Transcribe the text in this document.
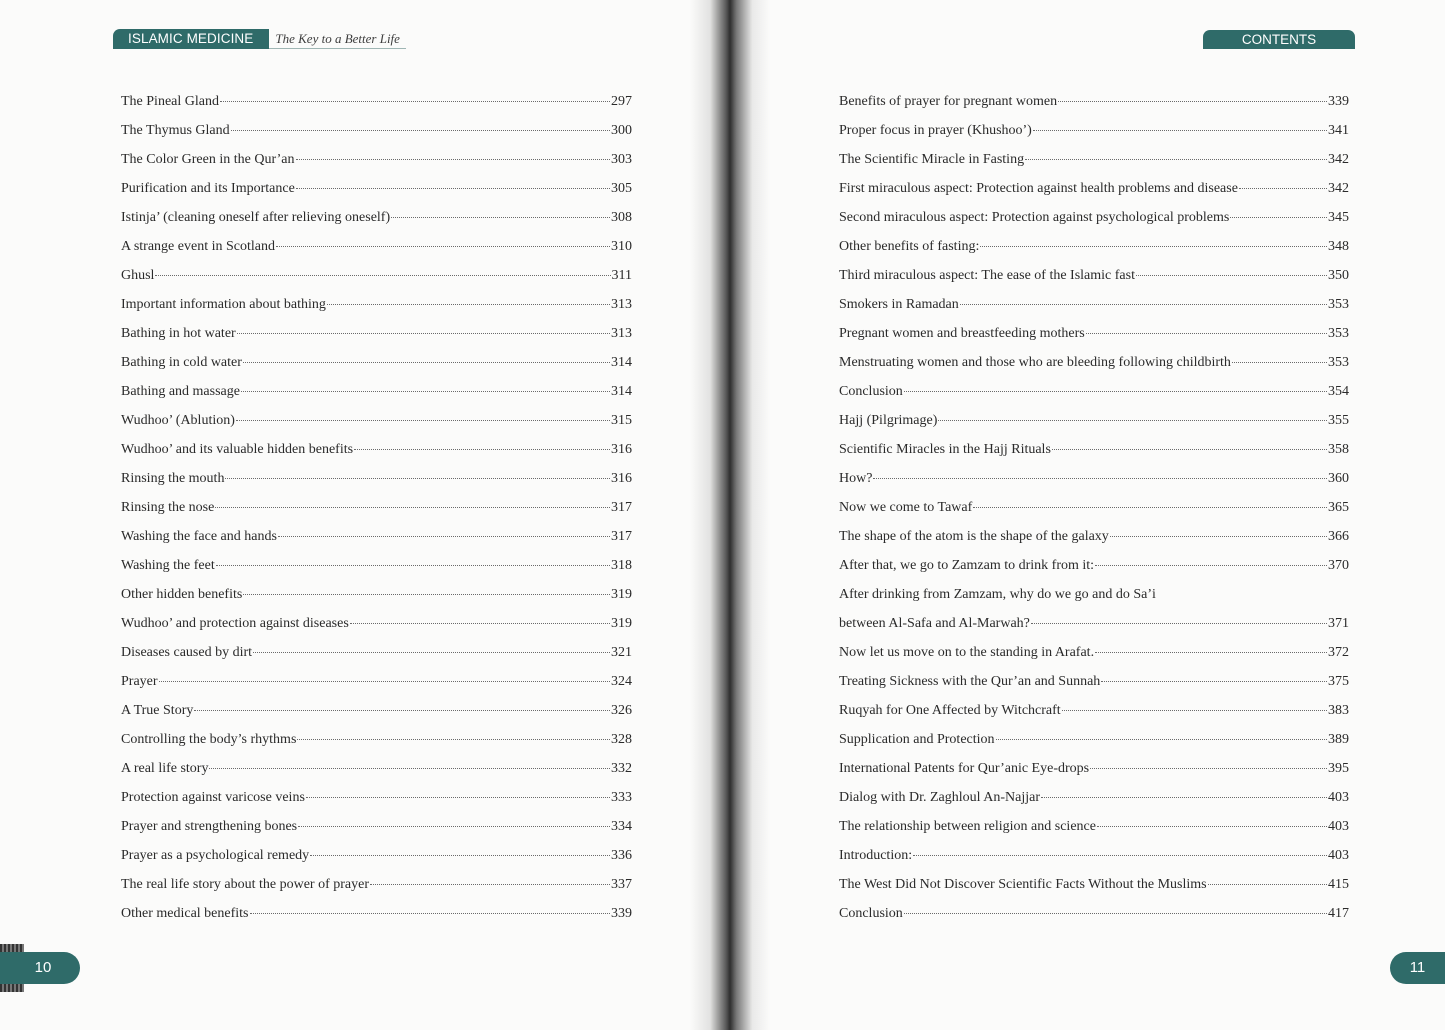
ISLAMIC MEDICINE	The Key to a Better Life
The Pineal Gland	297
The Thymus Gland	300
The Color Green in the Qur’an	303
Purification and its Importance	305
Istinja’ (cleaning oneself after relieving oneself)	308
A strange event in Scotland	310
Ghusl	311
Important information about bathing	313
Bathing in hot water	313
Bathing in cold water	314
Bathing and massage	314
Wudhoo’ (Ablution)	315
Wudhoo’ and its valuable hidden benefits	316
Rinsing the mouth	316
Rinsing the nose	317
Washing the face and hands	317
Washing the feet	318
Other hidden benefits	319
Wudhoo’ and protection against diseases	319
Diseases caused by dirt	321
Prayer	324
A True Story	326
Controlling the body’s rhythms	328
A real life story	332
Protection against varicose veins	333
Prayer and strengthening bones	334
Prayer as a psychological remedy	336
The real life story about the power of prayer	337
Other medical benefits	339
10
CONTENTS
Benefits of prayer for pregnant women	339
Proper focus in prayer (Khushoo’)	341
The Scientific Miracle in Fasting	342
First miraculous aspect: Protection against health problems and disease	342
Second miraculous aspect: Protection against psychological problems	345
Other benefits of fasting:	348
Third miraculous aspect: The ease of the Islamic fast	350
Smokers in Ramadan	353
Pregnant women and breastfeeding mothers	353
Menstruating women and those who are bleeding following childbirth	353
Conclusion	354
Hajj (Pilgrimage)	355
Scientific Miracles in the Hajj Rituals	358
How?	360
Now we come to Tawaf	365
The shape of the atom is the shape of the galaxy	366
After that, we go to Zamzam to drink from it:	370
After drinking from Zamzam, why do we go and do Sa’i
between Al-Safa and Al-Marwah?	371
Now let us move on to the standing in Arafat.	372
Treating Sickness with the Qur’an and Sunnah	375
Ruqyah for One Affected by Witchcraft	383
Supplication and Protection	389
International Patents for Qur’anic Eye-drops	395
Dialog with Dr. Zaghloul An-Najjar	403
The relationship between religion and science	403
Introduction:	403
The West Did Not Discover Scientific Facts Without the Muslims	415
Conclusion	417
11
